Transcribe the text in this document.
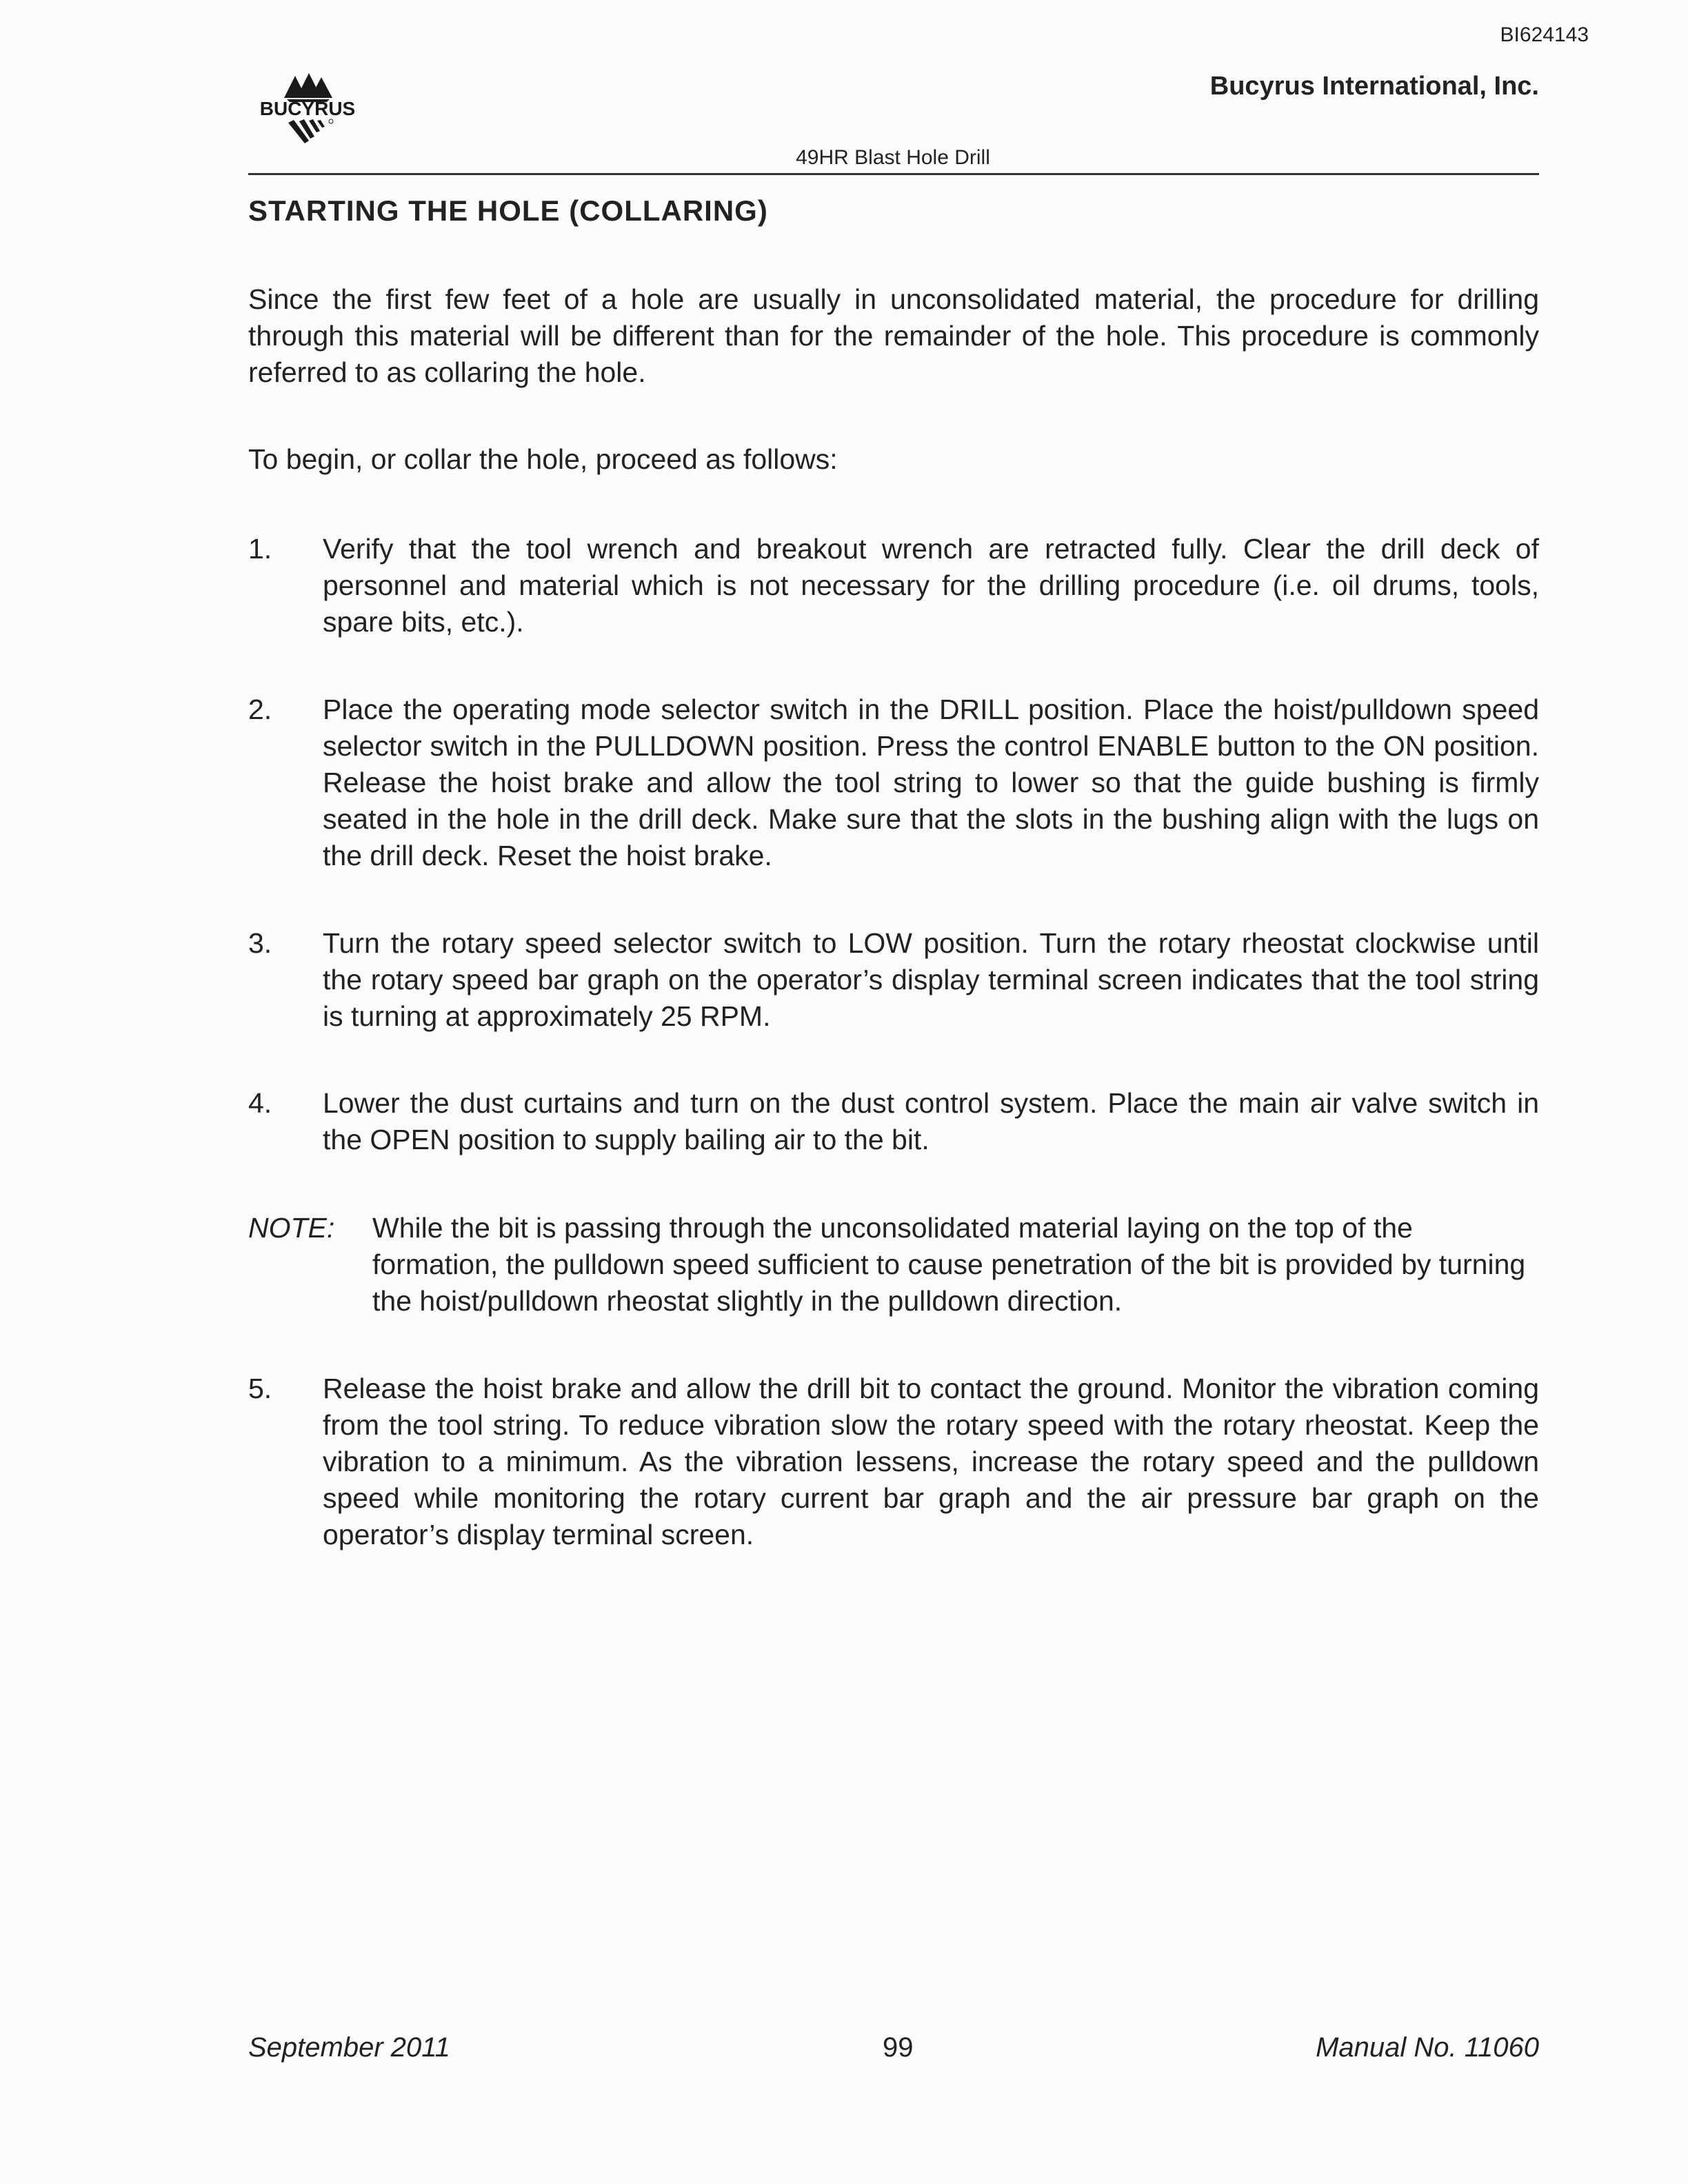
BI624143
BUCYRUS
Bucyrus International, Inc.
49HR Blast Hole Drill
STARTING THE HOLE (COLLARING)

Since the first few feet of a hole are usually in unconsolidated material, the procedure for drilling through this material will be different than for the remainder of the hole. This procedure is commonly referred to as collaring the hole.

To begin, or collar the hole, proceed as follows:

1. Verify that the tool wrench and breakout wrench are retracted fully. Clear the drill deck of personnel and material which is not necessary for the drilling procedure (i.e. oil drums, tools, spare bits, etc.).
2. Place the operating mode selector switch in the DRILL position. Place the hoist/pulldown speed selector switch in the PULLDOWN position. Press the control ENABLE button to the ON position. Release the hoist brake and allow the tool string to lower so that the guide bushing is firmly seated in the hole in the drill deck. Make sure that the slots in the bushing align with the lugs on the drill deck. Reset the hoist brake.
3. Turn the rotary speed selector switch to LOW position. Turn the rotary rheostat clockwise until the rotary speed bar graph on the operator’s display terminal screen indicates that the tool string is turning at approximately 25 RPM.
4. Lower the dust curtains and turn on the dust control system. Place the main air valve switch in the OPEN position to supply bailing air to the bit.
NOTE: While the bit is passing through the unconsolidated material laying on the top of the formation, the pulldown speed sufficient to cause penetration of the bit is provided by turning the hoist/pulldown rheostat slightly in the pulldown direction.
5. Release the hoist brake and allow the drill bit to contact the ground. Monitor the vibration coming from the tool string. To reduce vibration slow the rotary speed with the rotary rheostat. Keep the vibration to a minimum. As the vibration lessens, increase the rotary speed and the pulldown speed while monitoring the rotary current bar graph and the air pressure bar graph on the operator’s display terminal screen.
September 2011	99	Manual No. 11060
